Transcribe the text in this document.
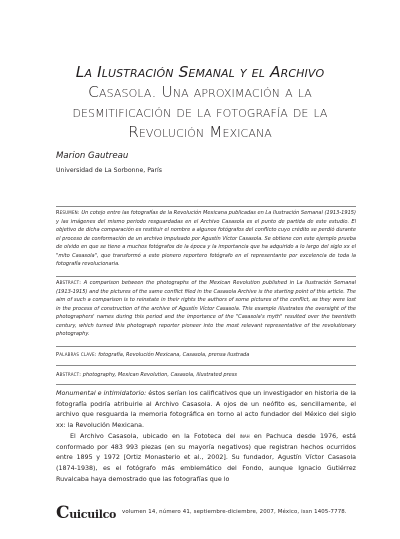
La Ilustración Semanal y el Archivo
Casasola. Una aproximación a la
desmitificación de la fotografía de la
Revolución Mexicana
Marion Gautreau
Universidad de La Sorbonne, París
Resumen: Un cotejo entre las fotografías de la Revolución Mexicana publicadas en La Ilustración Semanal (1913-1915) y las imágenes del mismo periodo resguardadas en el Archivo Casasola es el punto de partida de este estudio. El objetivo de dicha comparación es restituir el nombre a algunos fotógrafos del conflicto cuyo crédito se perdió durante el proceso de conformación de un archivo impulsado por Agustín Víctor Casasola. Se obtiene con este ejemplo prueba de olvido en que se tiene a muchos fotógrafos de la época y la importancia que ha adquirido a lo largo del siglo xx el "mito Casasola", que transformó a este pionero reportero fotógrafo en el representante por excelencia de toda la fotografía revolucionaria.
Abstract: A comparison between the photographs of the Mexican Revolution published in La Ilustración Semanal (1913-1915) and the pictures of the same conflict filed in the Casasola Archive is the starting point of this article. The aim of such a comparison is to reinstate in their rights the authors of some pictures of the conflict, as they were lost in the process of construction of the archive of Agustín Víctor Casasola. This example illustrates the oversight of the photographers' names during this period and the importance of the "Casasola's myth" resulted over the twentieth century, which turned this photograph reporter pioneer into the most relevant representative of the revolutionary photography.
Palabras clave: fotografía, Revolución Mexicana, Casasola, prensa ilustrada
Abstract: photography, Mexican Revolution, Casasola, illustrated press

Monumental e intimidatorio: éstos serían los calificativos que un investigador en historia de la fotografía podría atribuirle al Archivo Casasola. A ojos de un neófito es, sencillamente, el archivo que resguarda la memoria fotográfica en torno al acto fundador del México del siglo xx: la Revolución Mexicana.

El Archivo Casasola, ubicado en la Fototeca del inah en Pachuca desde 1976, está conformado por 483 993 piezas (en su mayoría negativos) que registran hechos ocurridos entre 1895 y 1972 [Ortiz Monasterio et al., 2002]. Su fundador, Agustín Víctor Casasola (1874-1938), es el fotógrafo más emblemático del Fondo, aunque Ignacio Gutiérrez Ruvalcaba haya demostrado que las fotografías que lo

Cuicuilco volumen 14, número 41, septiembre-diciembre, 2007, México, issn 1405-7778.
